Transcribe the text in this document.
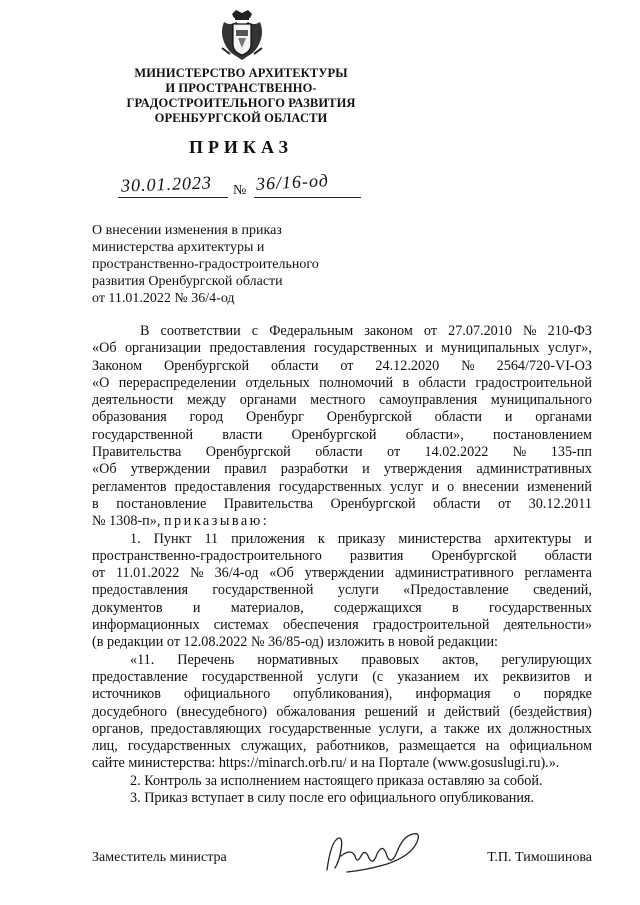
МИНИСТЕРСТВО АРХИТЕКТУРЫ
И ПРОСТРАНСТВЕННО-
ГРАДОСТРОИТЕЛЬНОГО РАЗВИТИЯ
ОРЕНБУРГСКОЙ ОБЛАСТИ
ПРИКАЗ
30.01.2023 № 36/16-од
О внесении изменения в приказ
министерства архитектуры и
пространственно-градостроительного
развития Оренбургской области
от 11.01.2022 № 36/4-од
В соответствии с Федеральным законом от 27.07.2010 № 210-ФЗ
«Об организации предоставления государственных и муниципальных услуг»,
Законом Оренбургской области от 24.12.2020 № 2564/720-VI-ОЗ
«О перераспределении отдельных полномочий в области градостроительной
деятельности между органами местного самоуправления муниципального
образования город Оренбург Оренбургской области и органами
государственной власти Оренбургской области», постановлением
Правительства Оренбургской области от 14.02.2022 № 135-пп
«Об утверждении правил разработки и утверждения административных
регламентов предоставления государственных услуг и о внесении изменений
в постановление Правительства Оренбургской области от 30.12.2011
№ 1308-п», приказываю:
1. Пункт 11 приложения к приказу министерства архитектуры и
пространственно-градостроительного развития Оренбургской области
от 11.01.2022 № 36/4-од «Об утверждении административного регламента
предоставления государственной услуги «Предоставление сведений,
документов и материалов, содержащихся в государственных
информационных системах обеспечения градостроительной деятельности»
(в редакции от 12.08.2022 № 36/85-од) изложить в новой редакции:
«11. Перечень нормативных правовых актов, регулирующих
предоставление государственной услуги (с указанием их реквизитов и
источников официального опубликования), информация о порядке
досудебного (внесудебного) обжалования решений и действий (бездействия)
органов, предоставляющих государственные услуги, а также их должностных
лиц, государственных служащих, работников, размещается на официальном
сайте министерства: https://minarch.orb.ru/ и на Портале (www.gosuslugi.ru).».
2. Контроль за исполнением настоящего приказа оставляю за собой.
3. Приказ вступает в силу после его официального опубликования.
Заместитель министра	Т.П. Тимошинова
